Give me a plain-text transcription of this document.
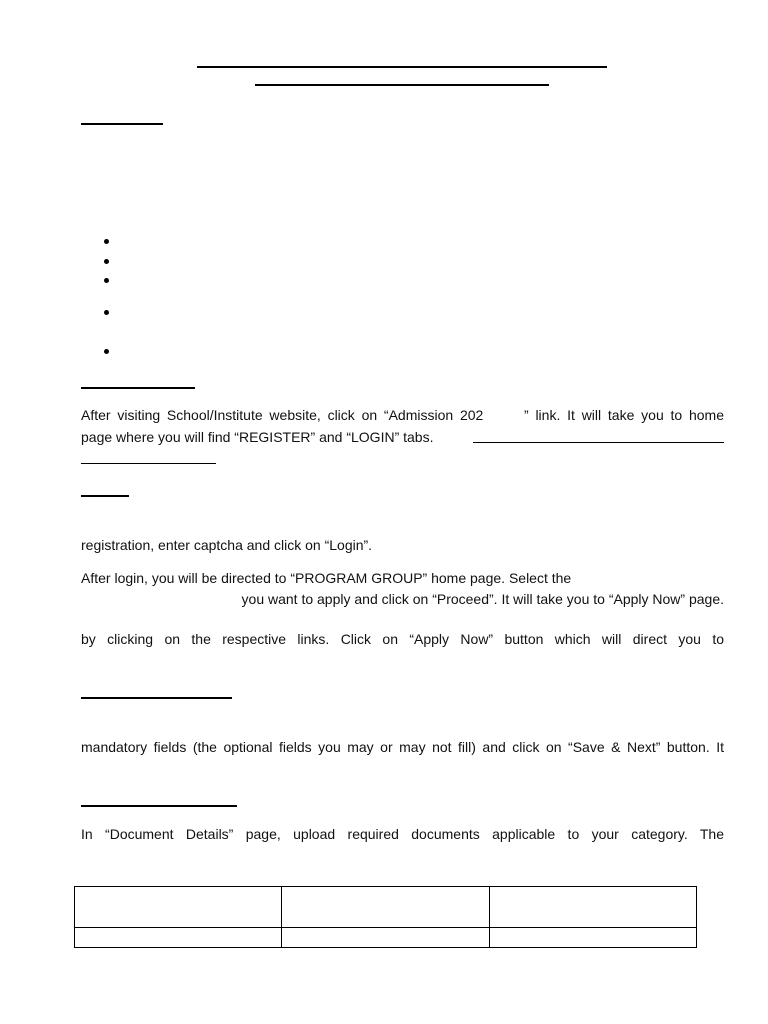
After visiting School/Institute website, click on “Admission 202      ” link. It will take you to home
page where you will find “REGISTER” and “LOGIN” tabs.
registration, enter captcha and click on “Login”.
After login, you will be directed to “PROGRAM GROUP” home page. Select the
you want to apply and click on “Proceed”. It will take you to “Apply Now” page.
by clicking on the respective links. Click on “Apply Now” button which will direct you to
mandatory fields (the optional fields you may or may not fill) and click on “Save & Next” button. It
In “Document Details” page, upload required documents applicable to your category. The
